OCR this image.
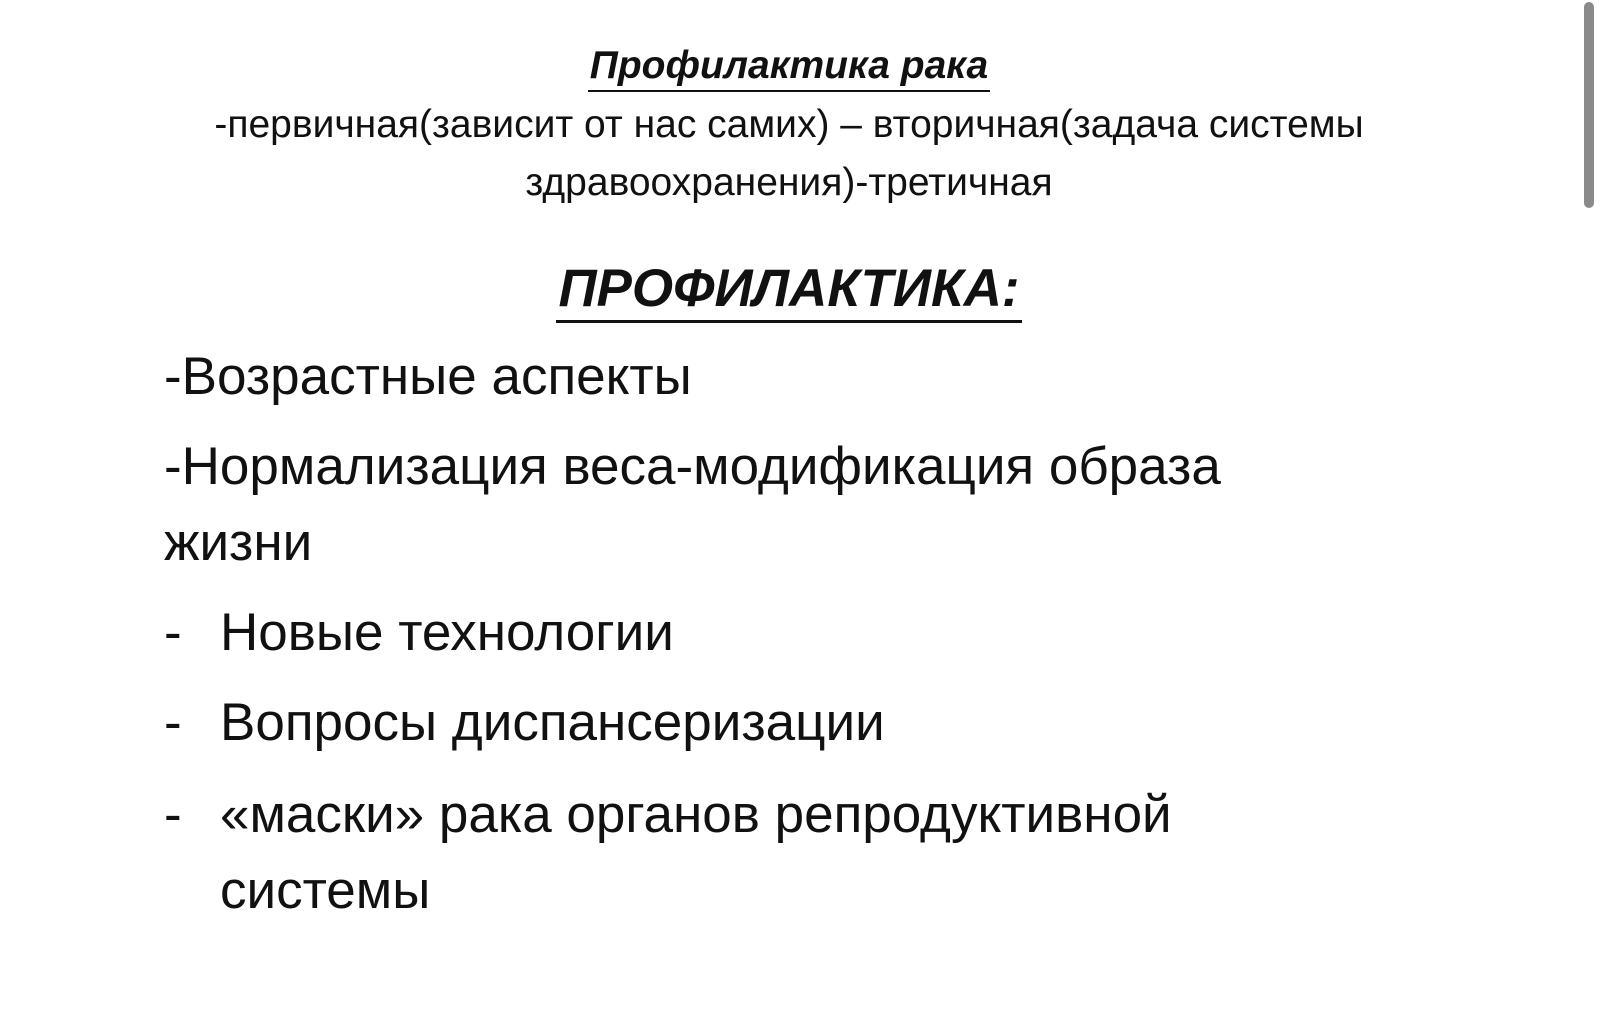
Профилактика рака
-первичная(зависит от нас самих) – вторичная(задача системы здравоохранения)-третичная
ПРОФИЛАКТИКА:
-Возрастные аспекты
-Нормализация веса-модификация образа
жизни
- Новые технологии
- Вопросы диспансеризации
- «маски» рака органов репродуктивной
системы
